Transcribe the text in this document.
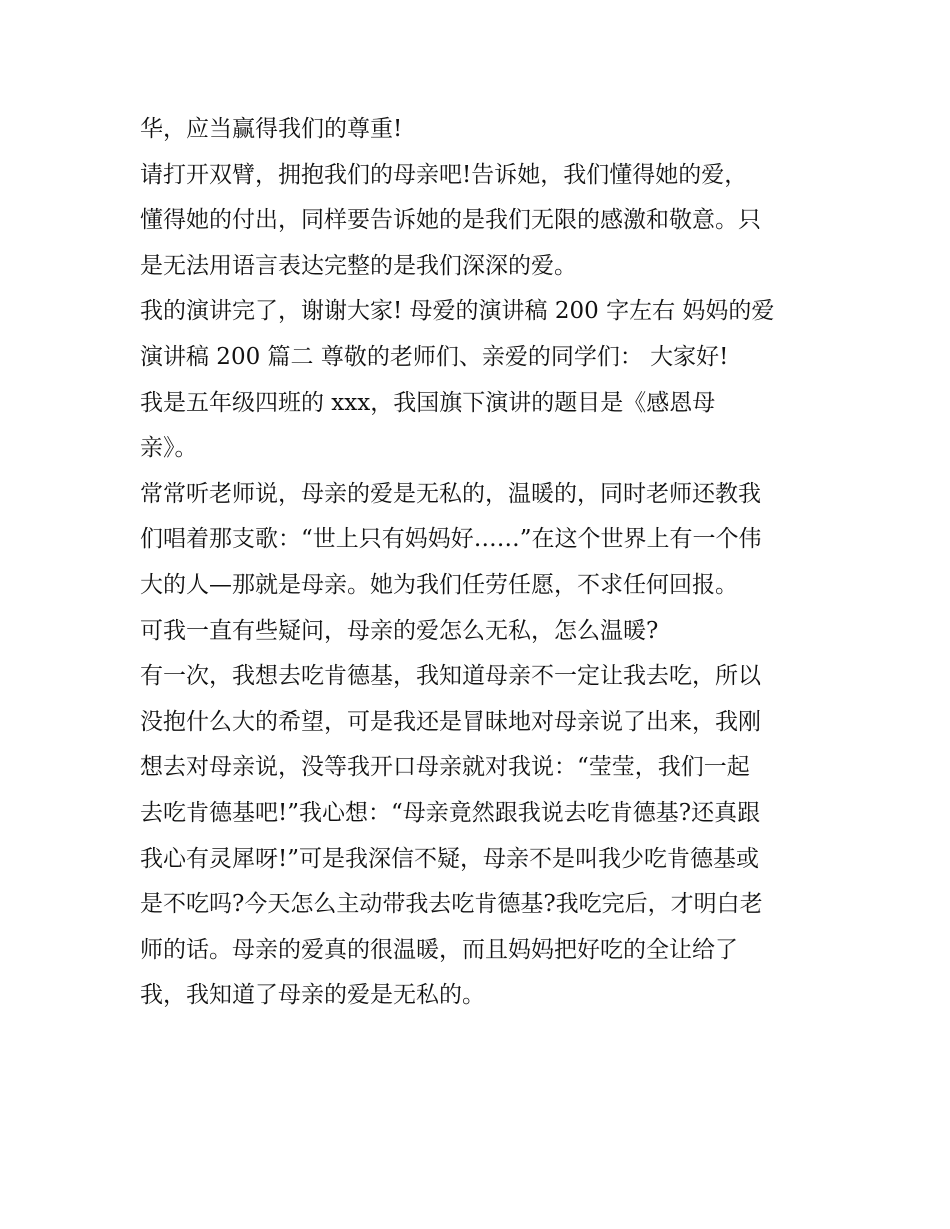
华，应当赢得我们的尊重!
请打开双臂，拥抱我们的母亲吧!告诉她，我们懂得她的爱，
懂得她的付出，同样要告诉她的是我们无限的感激和敬意。只
是无法用语言表达完整的是我们深深的爱。
我的演讲完了，谢谢大家! 母爱的演讲稿 200 字左右 妈妈的爱
演讲稿 200 篇二 尊敬的老师们、亲爱的同学们： 大家好!
我是五年级四班的 xxx，我国旗下演讲的题目是《感恩母
亲》。
常常听老师说，母亲的爱是无私的，温暖的，同时老师还教我
们唱着那支歌：“世上只有妈妈好……”在这个世界上有一个伟
大的人—那就是母亲。她为我们任劳任愿，不求任何回报。
可我一直有些疑问，母亲的爱怎么无私，怎么温暖?
有一次，我想去吃肯德基，我知道母亲不一定让我去吃，所以
没抱什么大的希望，可是我还是冒昧地对母亲说了出来，我刚
想去对母亲说，没等我开口母亲就对我说：“莹莹，我们一起
去吃肯德基吧!”我心想：“母亲竟然跟我说去吃肯德基?还真跟
我心有灵犀呀!”可是我深信不疑，母亲不是叫我少吃肯德基或
是不吃吗?今天怎么主动带我去吃肯德基?我吃完后，才明白老
师的话。母亲的爱真的很温暖，而且妈妈把好吃的全让给了
我，我知道了母亲的爱是无私的。
